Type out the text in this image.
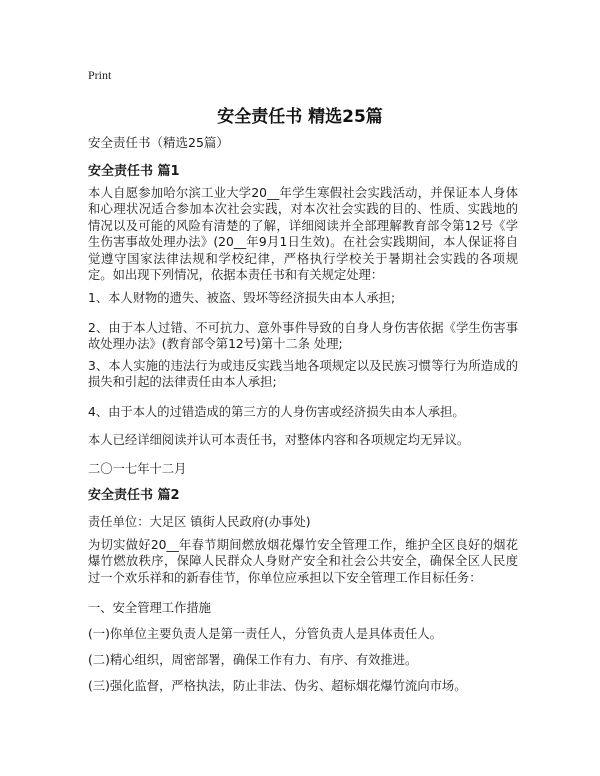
Print
安全责任书 精选25篇

安全责任书（精选25篇）

安全责任书 篇1

本人自愿参加哈尔滨工业大学20__年学生寒假社会实践活动，并保证本人身体和心理状况适合参加本次社会实践，对本次社会实践的目的、性质、实践地的情况以及可能的风险有清楚的了解，详细阅读并全部理解教育部令第12号《学生伤害事故处理办法》(20__年9月1日生效)。在社会实践期间，本人保证将自觉遵守国家法律法规和学校纪律，严格执行学校关于暑期社会实践的各项规定。如出现下列情况，依据本责任书和有关规定处理：

1、本人财物的遗失、被盗、毁坏等经济损失由本人承担;

2、由于本人过错、不可抗力、意外事件导致的自身人身伤害依据《学生伤害事故处理办法》(教育部令第12号)第十二条 处理;

3、本人实施的违法行为或违反实践当地各项规定以及民族习惯等行为所造成的损失和引起的法律责任由本人承担;

4、由于本人的过错造成的第三方的人身伤害或经济损失由本人承担。

本人已经详细阅读并认可本责任书，对整体内容和各项规定均无异议。

二〇一七年十二月

安全责任书 篇2

责任单位：大足区 镇街人民政府(办事处)

为切实做好20__年春节期间燃放烟花爆竹安全管理工作，维护全区良好的烟花爆竹燃放秩序，保障人民群众人身财产安全和社会公共安全，确保全区人民度过一个欢乐祥和的新春佳节，你单位应承担以下安全管理工作目标任务：

一、安全管理工作措施

(一)你单位主要负责人是第一责任人，分管负责人是具体责任人。

(二)精心组织，周密部署，确保工作有力、有序、有效推进。

(三)强化监督，严格执法，防止非法、伪劣、超标烟花爆竹流向市场。
